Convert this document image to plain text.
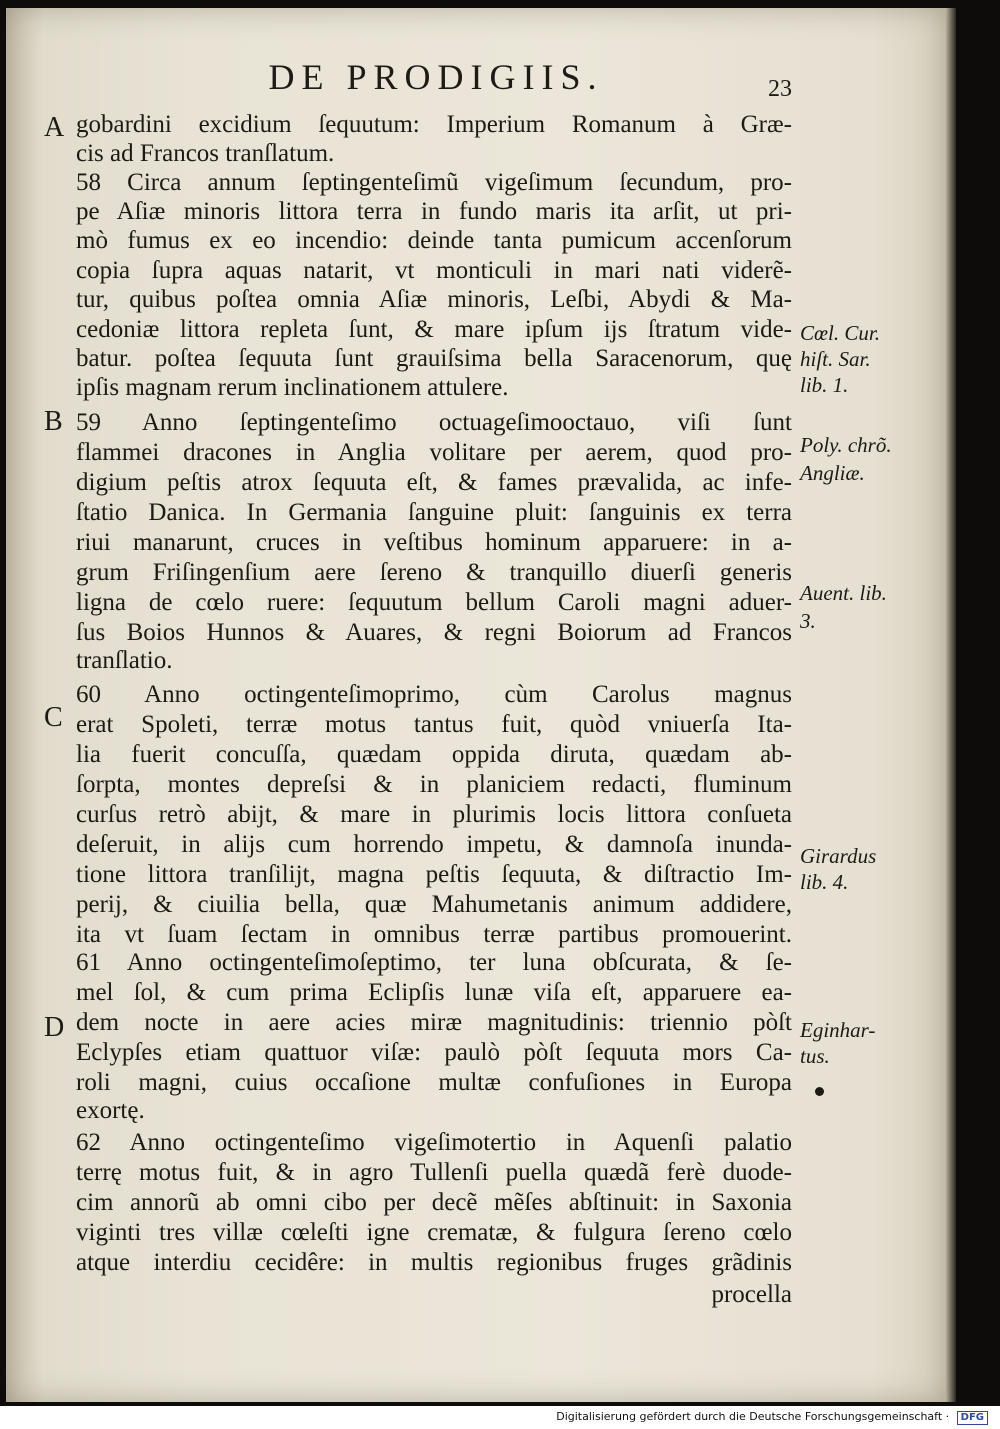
DE PRODIGIIS.	23
A
B
C
D
gobardini excidium ſequutum: Imperium Romanum à Græ-
cis ad Francos tranſlatum.
58 Circa annum ſeptingenteſimũ vigeſimum ſecundum, pro-
pe Aſiæ minoris littora terra in fundo maris ita arſit, ut pri-
mò fumus ex eo incendio: deinde tanta pumicum accenſorum
copia ſupra aquas natarit, vt monticuli in mari nati viderẽ-
tur, quibus poſtea omnia Aſiæ minoris, Leſbi, Abydi & Ma-
cedoniæ littora repleta ſunt, & mare ipſum ijs ſtratum vide-
batur. poſtea ſequuta ſunt grauiſsima bella Saracenorum, quę
ipſis magnam rerum inclinationem attulere.
59 Anno ſeptingenteſimo octuageſimooctauo, viſi ſunt
flammei dracones in Anglia volitare per aerem, quod pro-
digium peſtis atrox ſequuta eſt, & fames prævalida, ac infe-
ſtatio Danica. In Germania ſanguine pluit: ſanguinis ex terra
riui manarunt, cruces in veſtibus hominum apparuere: in a-
grum Friſingenſium aere ſereno & tranquillo diuerſi generis
ligna de cœlo ruere: ſequutum bellum Caroli magni aduer-
ſus Boios Hunnos & Auares, & regni Boiorum ad Francos
tranſlatio.
60 Anno octingenteſimoprimo, cùm Carolus magnus
erat Spoleti, terræ motus tantus fuit, quòd vniuerſa Ita-
lia fuerit concuſſa, quædam oppida diruta, quædam ab-
ſorpta, montes depreſsi & in planiciem redacti, fluminum
curſus retrò abijt, & mare in plurimis locis littora conſueta
deſeruit, in alijs cum horrendo impetu, & damnoſa inunda-
tione littora tranſilijt, magna peſtis ſequuta, & diſtractio Im-
perij, & ciuilia bella, quæ Mahumetanis animum addidere,
ita vt ſuam ſectam in omnibus terræ partibus promouerint.
61 Anno octingenteſimoſeptimo, ter luna obſcurata, & ſe-
mel ſol, & cum prima Eclipſis lunæ viſa eſt, apparuere ea-
dem nocte in aere acies miræ magnitudinis: triennio pòſt
Eclypſes etiam quattuor viſæ: paulò pòſt ſequuta mors Ca-
roli magni, cuius occaſione multæ confuſiones in Europa
exortę.
62 Anno octingenteſimo vigeſimotertio in Aquenſi palatio
terrę motus fuit, & in agro Tullenſi puella quædã ferè duode-
cim annorũ ab omni cibo per decẽ mẽſes abſtinuit: in Saxonia
viginti tres villæ cœleſti igne crematæ, & fulgura ſereno cœlo
atque interdiu cecidêre: in multis regionibus fruges grãdinis
procella
Cœl. Cur.
hiſt. Sar.
lib. 1.
Poly. chrõ.
Angliæ.
Auent. lib.
3.
Girardus
lib. 4.
Eginhar-
tus.
Digitalisierung gefördert durch die Deutsche Forschungsgemeinschaft · DFG
